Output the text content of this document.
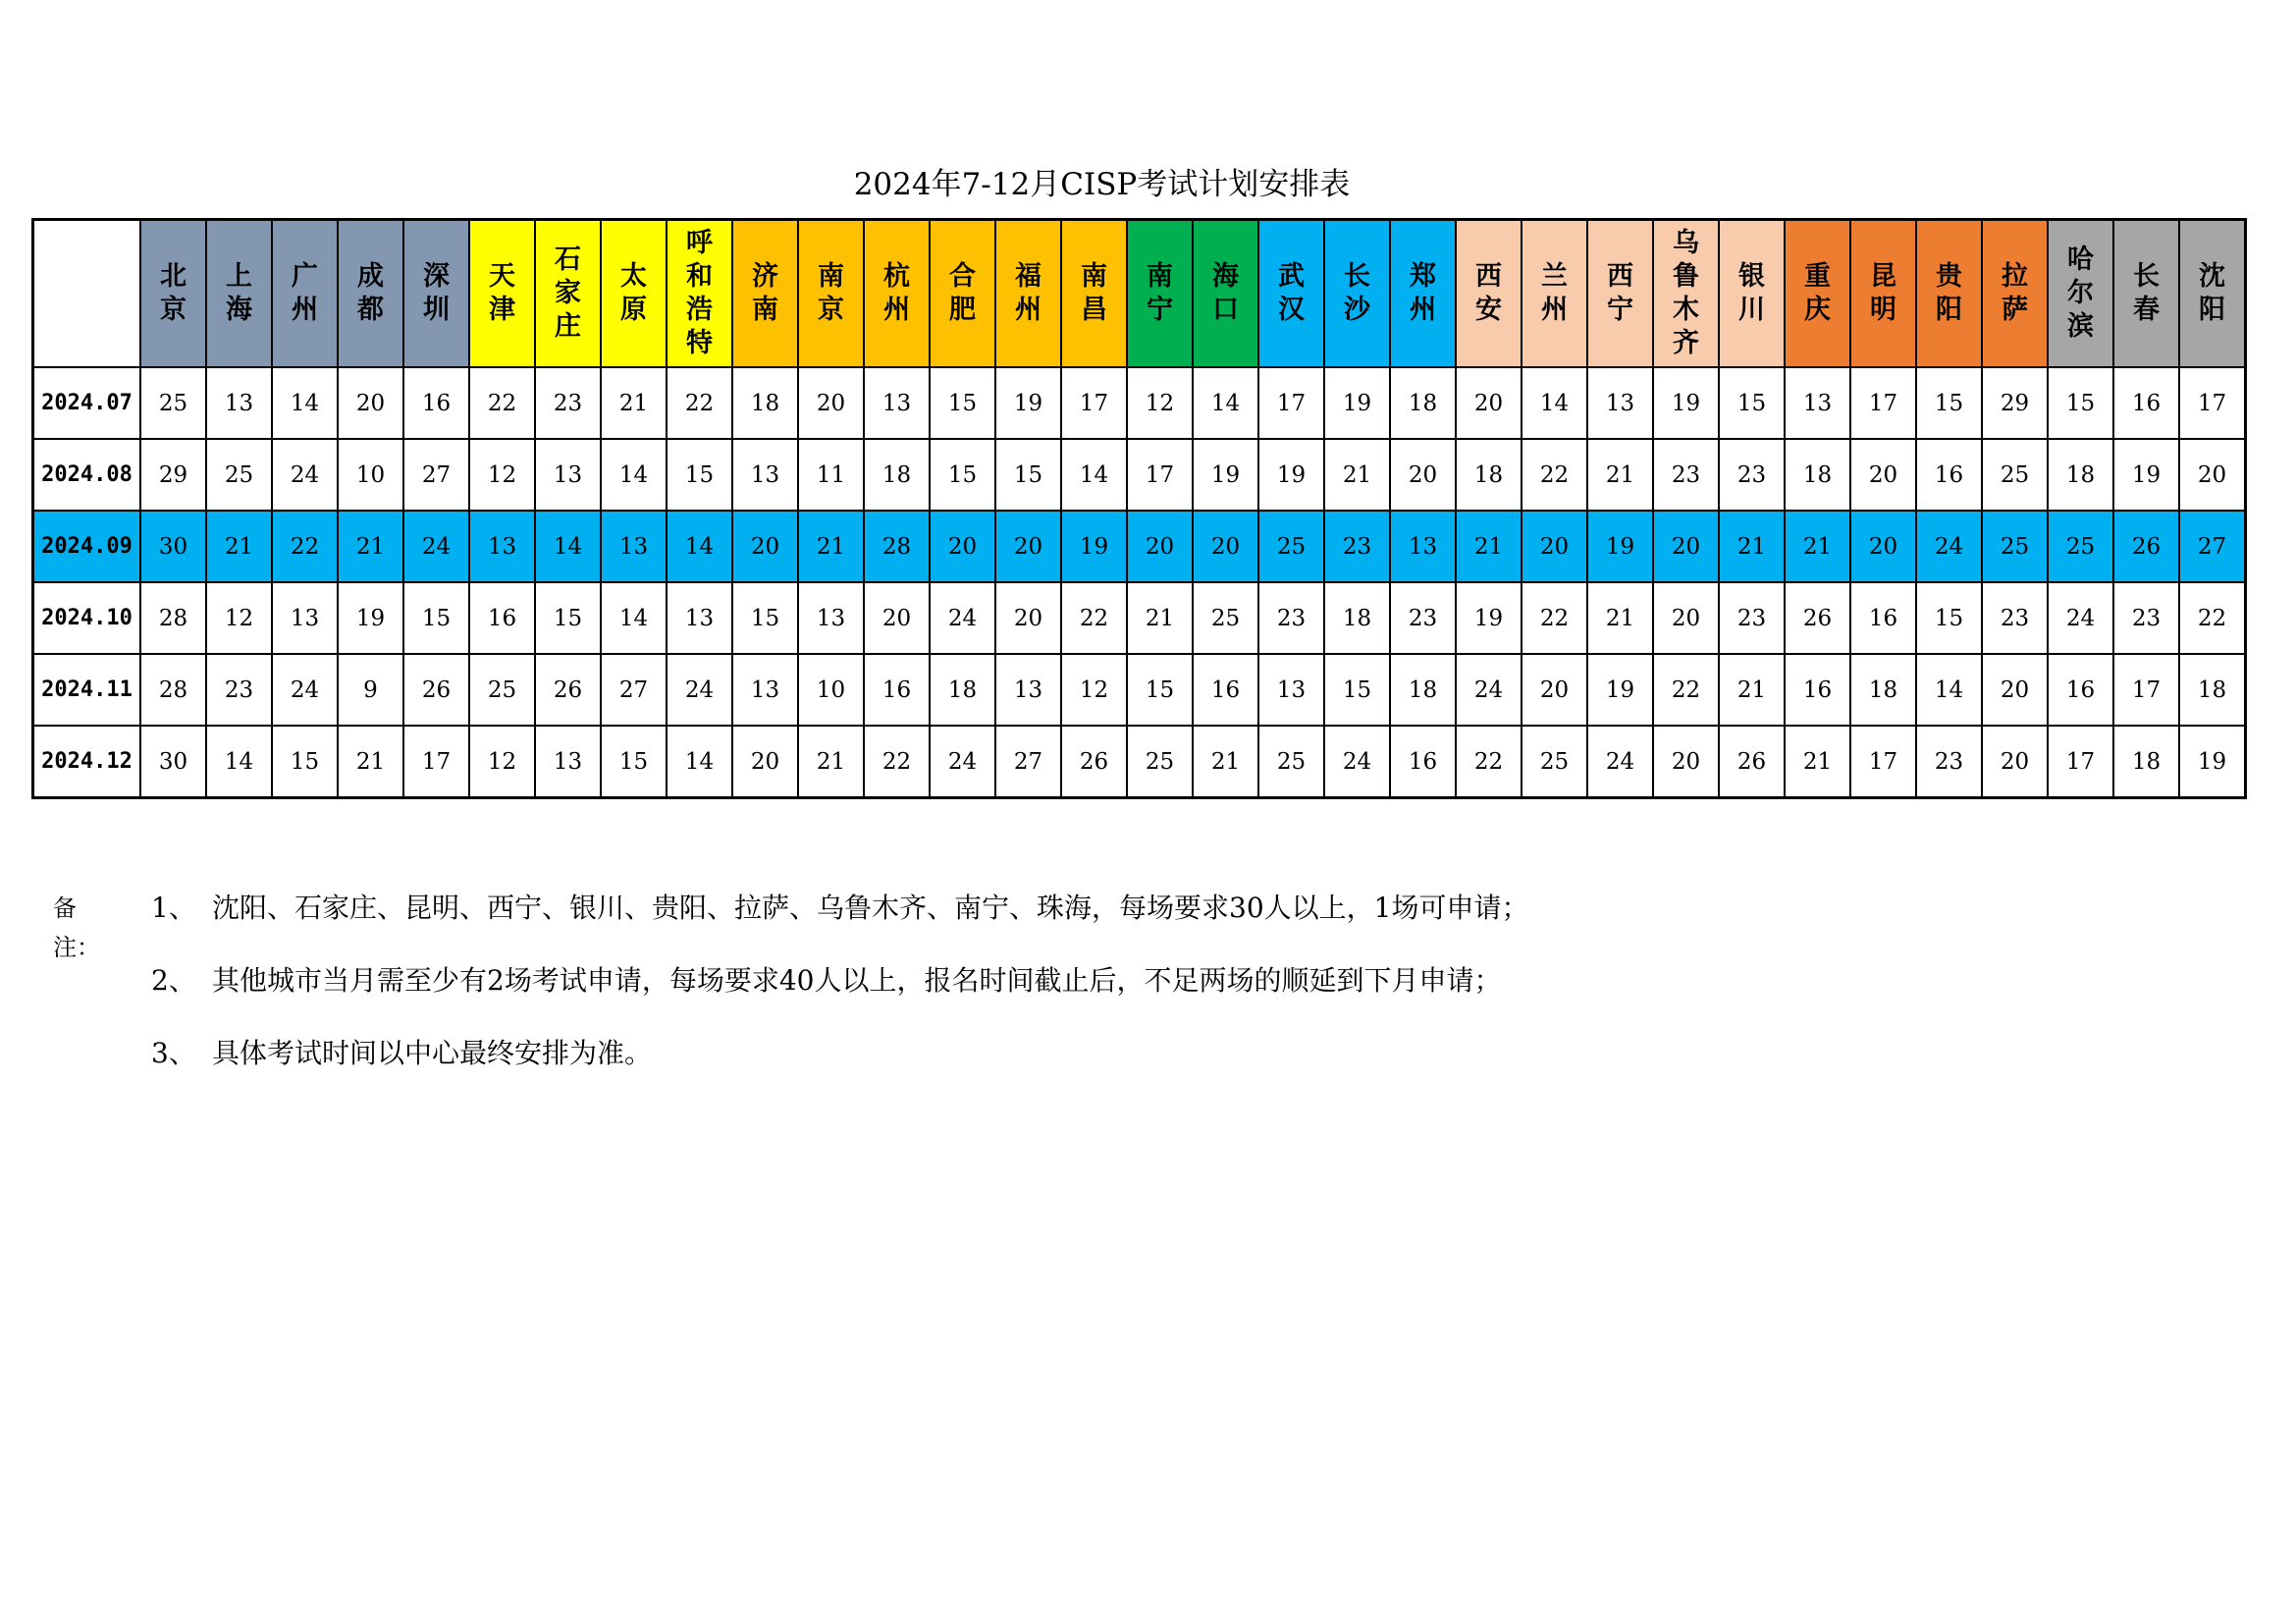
2024年7-12月CISP考试计划安排表

	北京	上海	广州	成都	深圳	天津	石家庄	太原	呼和浩特	济南	南京	杭州	合肥	福州	南昌	南宁	海口	武汉	长沙	郑州	西安	兰州	西宁	乌鲁木齐	银川	重庆	昆明	贵阳	拉萨	哈尔滨	长春	沈阳

2024.07	25	13	14	20	16	22	23	21	22	18	20	13	15	19	17	12	14	17	19	18	20	14	13	19	15	13	17	15	29	15	16	17
2024.08	29	25	24	10	27	12	13	14	15	13	11	18	15	15	14	17	19	19	21	20	18	22	21	23	23	18	20	16	25	18	19	20
2024.09	30	21	22	21	24	13	14	13	14	20	21	28	20	20	19	20	20	25	23	13	21	20	19	20	21	21	20	24	25	25	26	27
2024.10	28	12	13	19	15	16	15	14	13	15	13	20	24	20	22	21	25	23	18	23	19	22	21	20	23	26	16	15	23	24	23	22
2024.11	28	23	24	9	26	25	26	27	24	13	10	16	18	13	12	15	16	13	15	18	24	20	19	22	21	16	18	14	20	16	17	18
2024.12	30	14	15	21	17	12	13	15	14	20	21	22	24	27	26	25	21	25	24	16	22	25	24	20	26	21	17	23	20	17	18	19
备注：
1、 沈阳、石家庄、昆明、西宁、银川、贵阳、拉萨、乌鲁木齐、南宁、珠海，每场要求30人以上，1场可申请；
2、 其他城市当月需至少有2场考试申请，每场要求40人以上，报名时间截止后，不足两场的顺延到下月申请；
3、 具体考试时间以中心最终安排为准。
